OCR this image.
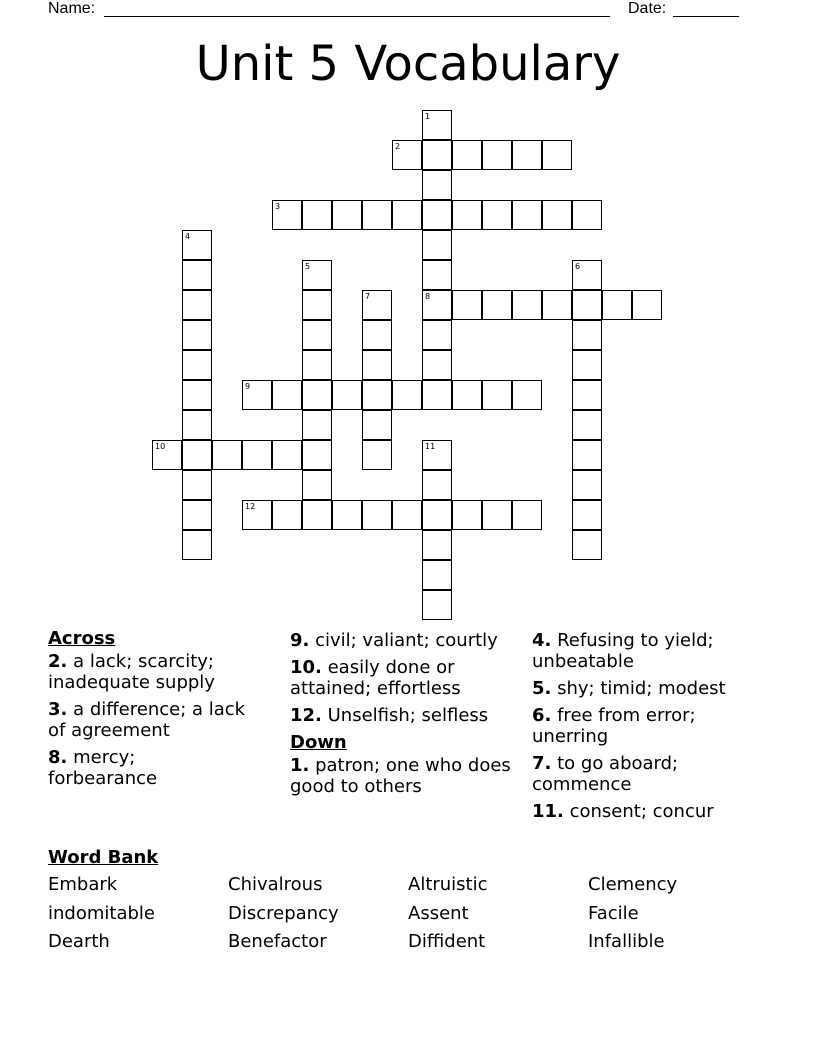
Name:	Date:
Unit 5 Vocabulary
1
8
2
3
4
5	6
7
9
10	11
12
Across
2. a lack; scarcity; inadequate supply
3. a difference; a lack of agreement
8. mercy; forbearance
9. civil; valiant; courtly
10. easily done or attained; effortless
12. Unselfish; selfless
Down
1. patron; one who does good to others
4. Refusing to yield; unbeatable
5. shy; timid; modest
6. free from error; unerring
7. to go aboard; commence
11. consent; concur
Word Bank
Embark	Chivalrous	Altruistic	Clemency
indomitable	Discrepancy	Assent	Facile
Dearth	Benefactor	Diffident	Infallible
